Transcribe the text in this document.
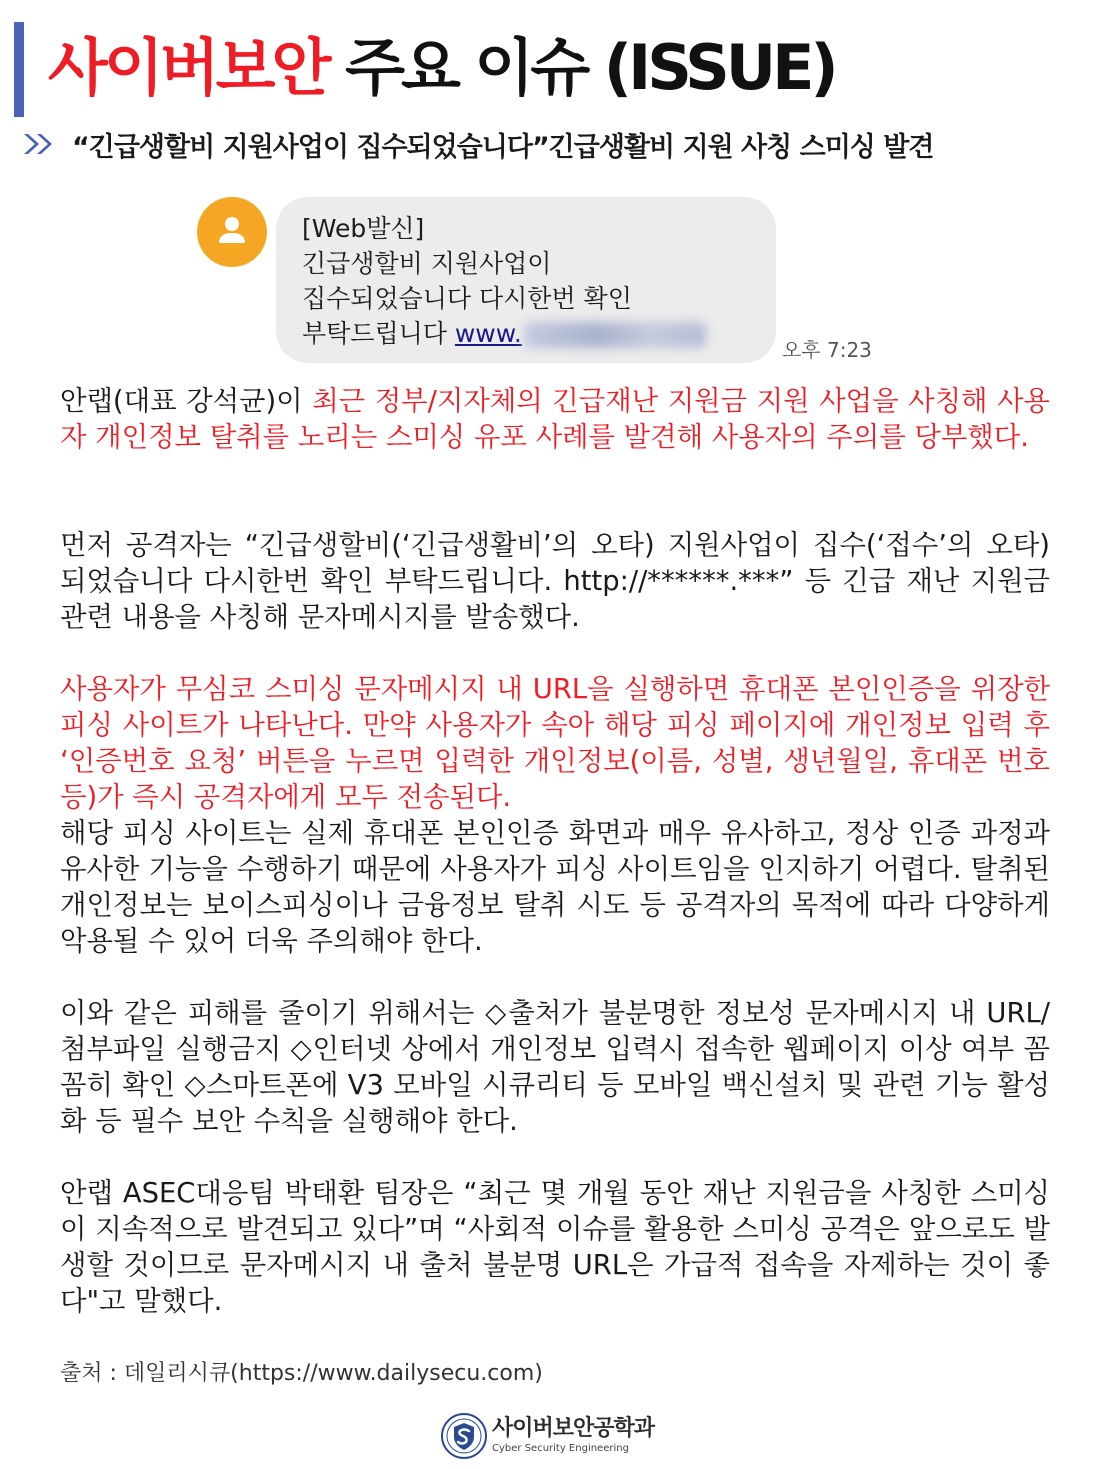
사이버보안 주요 이슈 (ISSUE)
“긴급생할비 지원사업이 집수되었습니다”긴급생활비 지원 사칭 스미싱 발견
[Web발신]
긴급생할비 지원사업이
집수되었습니다 다시한번 확인
부탁드립니다 www.
오후 7:23

안랩(대표 강석균)이 최근 정부/지자체의 긴급재난 지원금 지원 사업을 사칭해 사용자 개인정보 탈취를 노리는 스미싱 유포 사례를 발견해 사용자의 주의를 당부했다.

먼저 공격자는 “긴급생할비(‘긴급생활비’의 오타) 지원사업이 집수(‘접수’의 오타)되었습니다 다시한번 확인 부탁드립니다. http://******.***” 등 긴급 재난 지원금 관련 내용을 사칭해 문자메시지를 발송했다.

사용자가 무심코 스미싱 문자메시지 내 URL을 실행하면 휴대폰 본인인증을 위장한 피싱 사이트가 나타난다. 만약 사용자가 속아 해당 피싱 페이지에 개인정보 입력 후 ‘인증번호 요청’ 버튼을 누르면 입력한 개인정보(이름, 성별, 생년월일, 휴대폰 번호 등)가 즉시 공격자에게 모두 전송된다.
해당 피싱 사이트는 실제 휴대폰 본인인증 화면과 매우 유사하고, 정상 인증 과정과 유사한 기능을 수행하기 때문에 사용자가 피싱 사이트임을 인지하기 어렵다. 탈취된 개인정보는 보이스피싱이나 금융정보 탈취 시도 등 공격자의 목적에 따라 다양하게 악용될 수 있어 더욱 주의해야 한다.

이와 같은 피해를 줄이기 위해서는 ◇출처가 불분명한 정보성 문자메시지 내 URL/첨부파일 실행금지 ◇인터넷 상에서 개인정보 입력시 접속한 웹페이지 이상 여부 꼼꼼히 확인 ◇스마트폰에 V3 모바일 시큐리티 등 모바일 백신설치 및 관련 기능 활성화 등 필수 보안 수칙을 실행해야 한다.

안랩 ASEC대응팀 박태환 팀장은 “최근 몇 개월 동안 재난 지원금을 사칭한 스미싱이 지속적으로 발견되고 있다”며 “사회적 이슈를 활용한 스미싱 공격은 앞으로도 발생할 것이므로 문자메시지 내 출처 불분명 URL은 가급적 접속을 자제하는 것이 좋다"고 말했다.

출처 : 데일리시큐(https://www.dailysecu.com)
사이버보안공학과
Cyber Security Engineering
